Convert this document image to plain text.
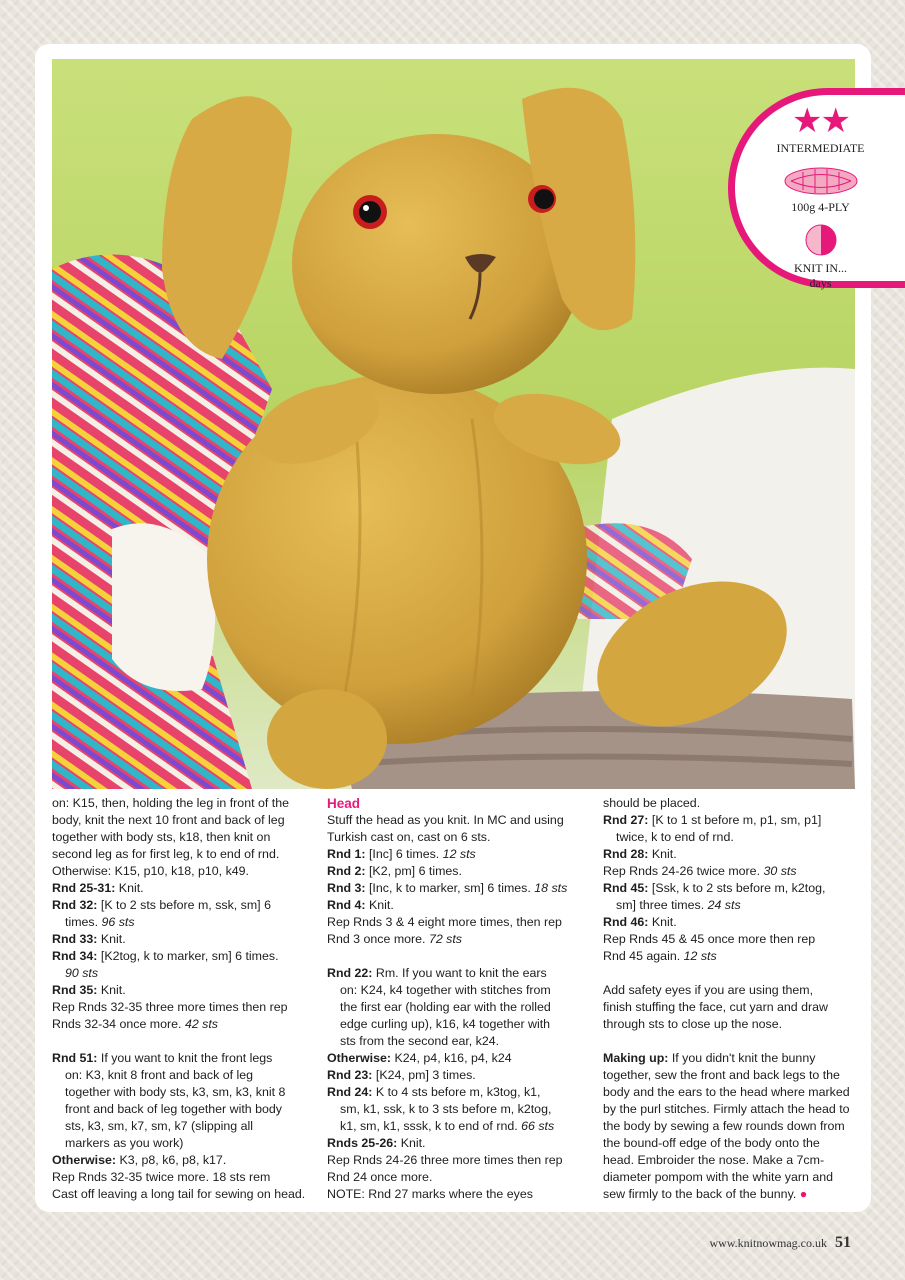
★★
INTERMEDIATE
100g 4-PLY
KNIT IN...
days

on: K15, then, holding the leg in front of the

body, knit the next 10 front and back of leg

together with body sts, k18, then knit on

second leg as for first leg, k to end of rnd.

Otherwise: K15, p10, k18, p10, k49.

Rnd 25-31: Knit.

Rnd 32: [K to 2 sts before m, ssk, sm] 6

times. 96 sts

Rnd 33: Knit.

Rnd 34: [K2tog, k to marker, sm] 6 times.

90 sts

Rnd 35: Knit.

Rep Rnds 32-35 three more times then rep

Rnds 32-34 once more. 42 sts

Rnd 51: If you want to knit the front legs

on: K3, knit 8 front and back of leg

together with body sts, k3, sm, k3, knit 8

front and back of leg together with body

sts, k3, sm, k7, sm, k7 (slipping all

markers as you work)

Otherwise: K3, p8, k6, p8, k17.

Rep Rnds 32-35 twice more. 18 sts rem

Cast off leaving a long tail for sewing on head.

Head

Stuff the head as you knit. In MC and using

Turkish cast on, cast on 6 sts.

Rnd 1: [Inc] 6 times. 12 sts

Rnd 2: [K2, pm] 6 times.

Rnd 3: [Inc, k to marker, sm] 6 times. 18 sts

Rnd 4: Knit.

Rep Rnds 3 & 4 eight more times, then rep

Rnd 3 once more. 72 sts

Rnd 22: Rm. If you want to knit the ears

on: K24, k4 together with stitches from

the first ear (holding ear with the rolled

edge curling up), k16, k4 together with

sts from the second ear, k24.

Otherwise: K24, p4, k16, p4, k24

Rnd 23: [K24, pm] 3 times.

Rnd 24: K to 4 sts before m, k3tog, k1,

sm, k1, ssk, k to 3 sts before m, k2tog,

k1, sm, k1, sssk, k to end of rnd. 66 sts

Rnds 25-26: Knit.

Rep Rnds 24-26 three more times then rep

Rnd 24 once more.

NOTE: Rnd 27 marks where the eyes

should be placed.

Rnd 27: [K to 1 st before m, p1, sm, p1]

twice, k to end of rnd.

Rnd 28: Knit.

Rep Rnds 24-26 twice more. 30 sts

Rnd 45: [Ssk, k to 2 sts before m, k2tog,

sm] three times. 24 sts

Rnd 46: Knit.

Rep Rnds 45 & 45 once more then rep

Rnd 45 again. 12 sts

Add safety eyes if you are using them,

finish stuffing the face, cut yarn and draw

through sts to close up the nose.

Making up: If you didn't knit the bunny

together, sew the front and back legs to the

body and the ears to the head where marked

by the purl stitches. Firmly attach the head to

the body by sewing a few rounds down from

the bound-off edge of the body onto the

head. Embroider the nose. Make a 7cm-

diameter pompom with the white yarn and

sew firmly to the back of the bunny. ●

www.knitnowmag.co.uk 51
